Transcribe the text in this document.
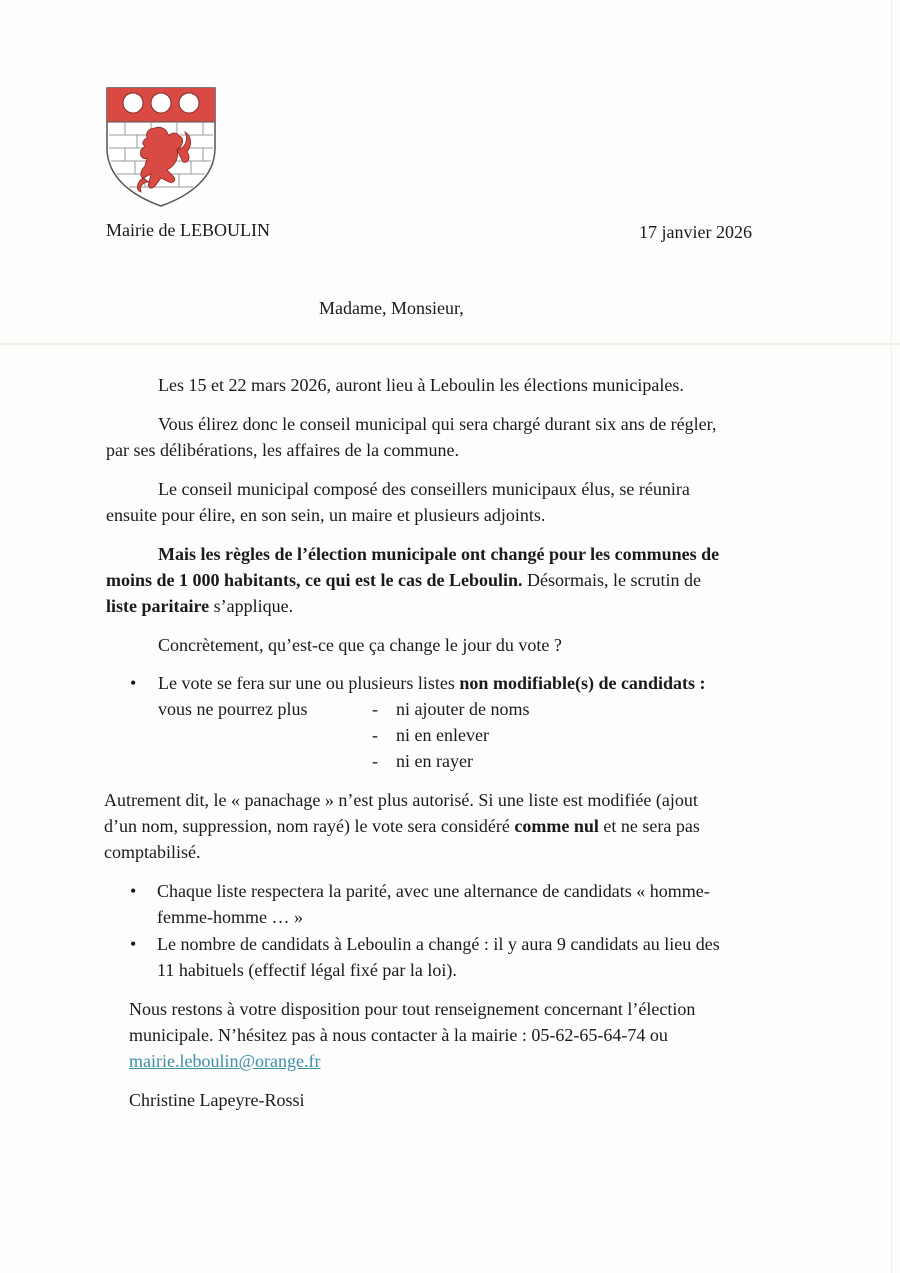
Mairie de LEBOULIN	17 janvier 2026

Madame, Monsieur,

Les 15 et 22 mars 2026, auront lieu à Leboulin les élections municipales.

Vous élirez donc le conseil municipal qui sera chargé durant six ans de régler,

par ses délibérations, les affaires de la commune.

Le conseil municipal composé des conseillers municipaux élus, se réunira

ensuite pour élire, en son sein, un maire et plusieurs adjoints.

Mais les règles de l’élection municipale ont changé pour les communes de

moins de 1 000 habitants, ce qui est le cas de Leboulin. Désormais, le scrutin de

liste paritaire s’applique.

Concrètement, qu’est-ce que ça change le jour du vote ?

• Le vote se fera sur une ou plusieurs listes non modifiable(s) de candidats :

vous ne pourrez plus	- ni ajouter de noms

- ni en enlever

- ni en rayer

Autrement dit, le « panachage » n’est plus autorisé. Si une liste est modifiée (ajout

d’un nom, suppression, nom rayé) le vote sera considéré comme nul et ne sera pas

comptabilisé.

• Chaque liste respectera la parité, avec une alternance de candidats « homme-

femme-homme … »

• Le nombre de candidats à Leboulin a changé : il y aura 9 candidats au lieu des

11 habituels (effectif légal fixé par la loi).

Nous restons à votre disposition pour tout renseignement concernant l’élection

municipale. N’hésitez pas à nous contacter à la mairie : 05-62-65-64-74 ou

mairie.leboulin@orange.fr

Christine Lapeyre-Rossi
